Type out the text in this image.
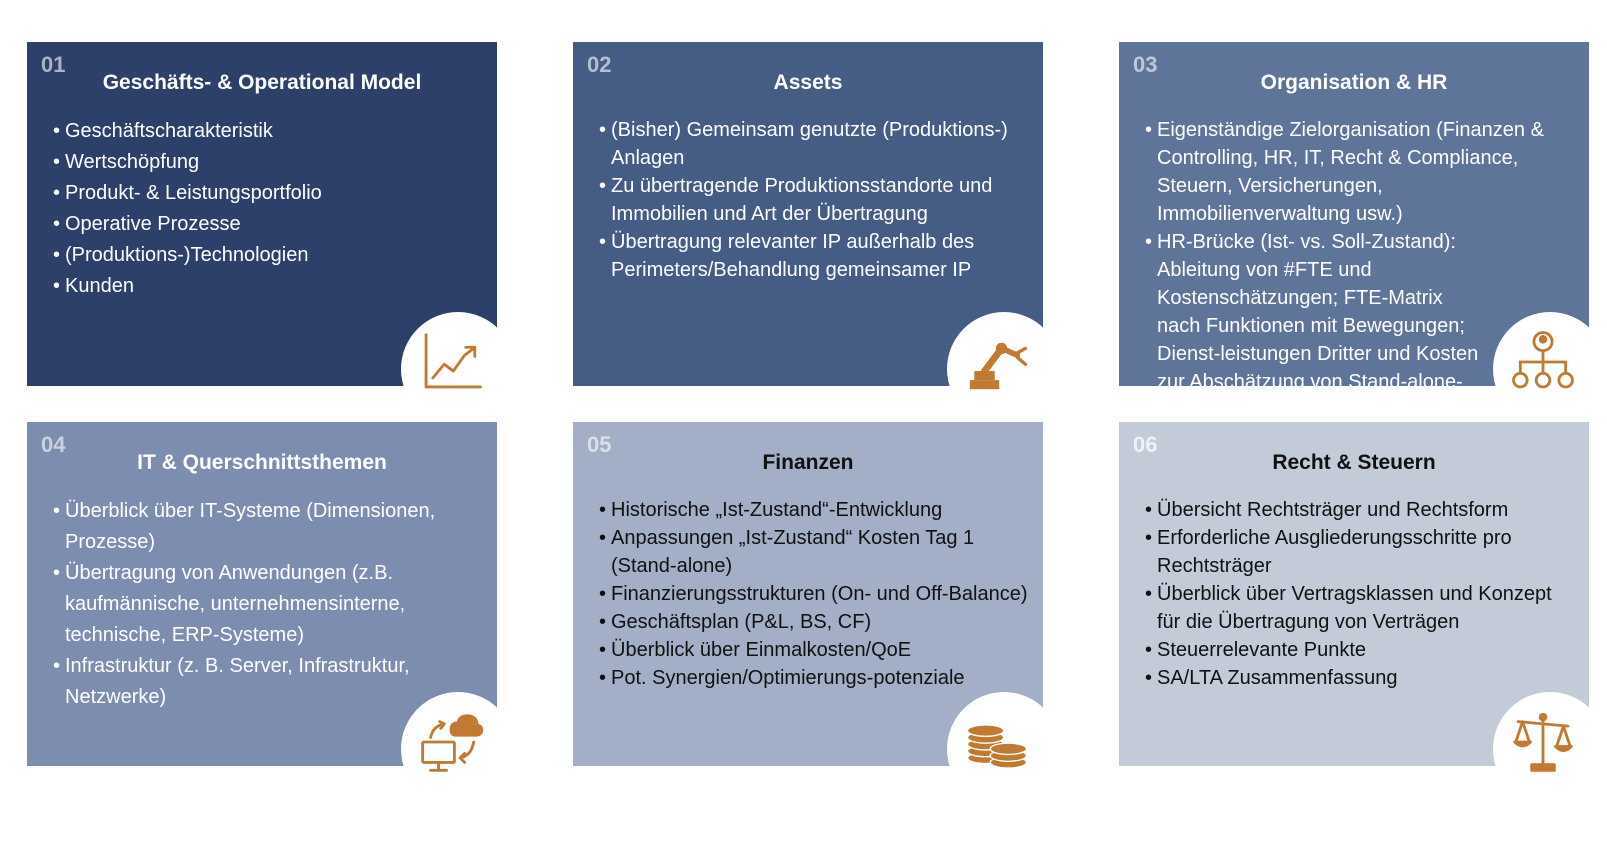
01
Geschäfts- & Operational Model
• Geschäftscharakteristik
• Wertschöpfung
• Produkt- & Leistungsportfolio
• Operative Prozesse
• (Produktions-)Technologien
• Kunden
02
Assets
• (Bisher) Gemeinsam genutzte (Produktions-) Anlagen
• Zu übertragende Produktionsstandorte und Immobilien und Art der Übertragung
• Übertragung relevanter IP außerhalb des Perimeters/Behandlung gemeinsamer IP
03
Organisation & HR
• Eigenständige Zielorganisation (Finanzen & Controlling, HR, IT, Recht & Compliance, Steuern, Versicherungen, Immobilienverwaltung usw.)
• HR-Brücke (Ist- vs. Soll-Zustand): Ableitung von #FTE und Kostenschätzungen; FTE-Matrix nach Funktionen mit Bewegungen; Dienst-leistungen Dritter und Kosten zur Abschätzung von Stand-alone-Kosten
04
IT & Querschnittsthemen
• Überblick über IT-Systeme (Dimensionen, Prozesse)
• Übertragung von Anwendungen (z.B. kaufmännische, unternehmensinterne, technische, ERP-Systeme)
• Infrastruktur (z. B. Server, Infrastruktur, Netzwerke)
05
Finanzen
• Historische „Ist-Zustand“-Entwicklung
• Anpassungen „Ist-Zustand“ Kosten Tag 1 (Stand-alone)
• Finanzierungsstrukturen (On- und Off-Balance)
• Geschäftsplan (P&L, BS, CF)
• Überblick über Einmalkosten/QoE
• Pot. Synergien/Optimierungs-potenziale
06
Recht & Steuern
• Übersicht Rechtsträger und Rechtsform
• Erforderliche Ausgliederungsschritte pro Rechtsträger
• Überblick über Vertragsklassen und Konzept für die Übertragung von Verträgen
• Steuerrelevante Punkte
• SA/LTA Zusammenfassung
